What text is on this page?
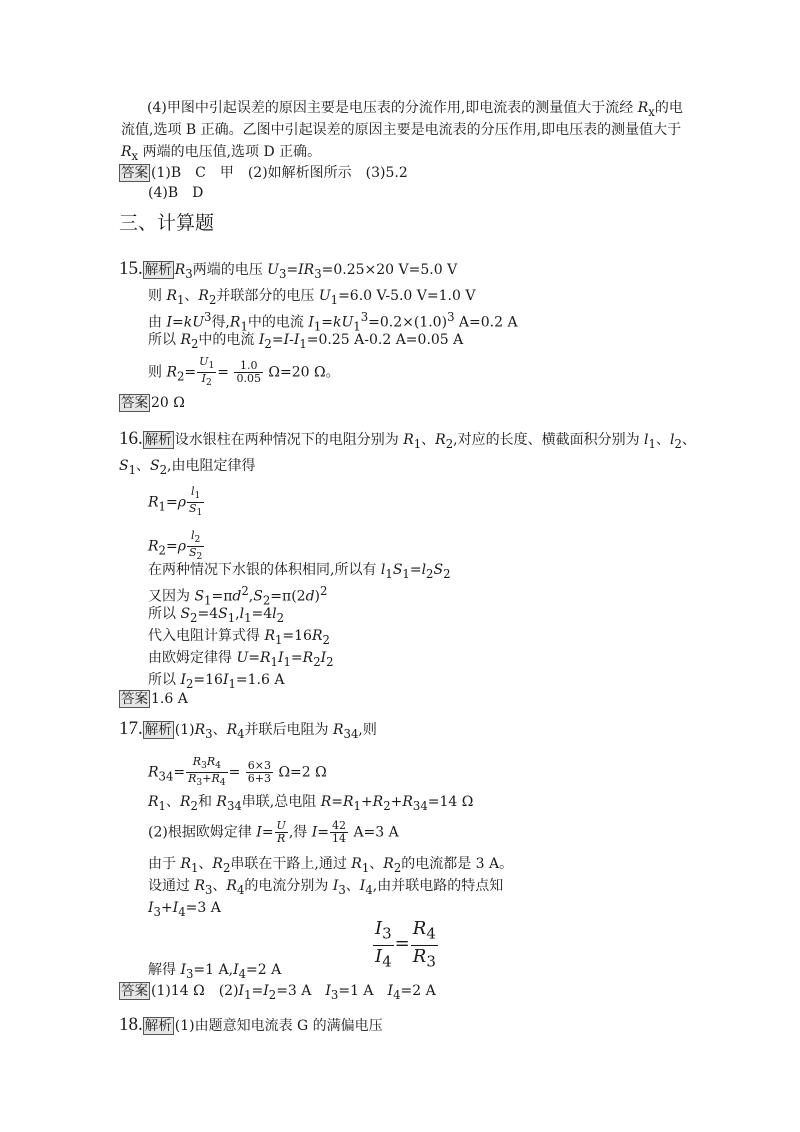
(4)甲图中引起误差的原因主要是电压表的分流作用,即电流表的测量值大于流经 $R_x$的电
流值,选项 B 正确。乙图中引起误差的原因主要是电流表的分压作用,即电压表的测量值大于
$R_x$ 两端的电压值,选项 D 正确。
答案 (1)B　C　甲　(2)如解析图所示　(3)5.2
(4)B　D
三、计算题
15. 解析 $R_3$两端的电压 $U_3=IR_3=0.25\times 20$ V=5.0 V
则 $R_1$、$R_2$并联部分的电压 $U_1=6.0$ V-5.0 V=1.0 V
由 $I=kU^3$得$,R_1$中的电流 $I_1=kU_1^3=0.2\times(1.0)^3$ A=0.2 A
所以 $R_2$中的电流 $I_2=I-I_1=0.25$ A-0.2 A=0.05 A
则 $R_2= \frac{U_1}{I_2} = \frac{1.0}{0.05} \Omega=20$ Ω。
答案 20 Ω
16. 解析 设水银柱在两种情况下的电阻分别为 $R_1$、$R_2$,对应的长度、横截面积分别为 $l_1$、$l_2$、
$S_1$、$S_2$,由电阻定律得
$R_1=\rho \frac{l_1}{S_1}$
$R_2=\rho \frac{l_2}{S_2}$
在两种情况下水银的体积相同,所以有 $l_1S_1=l_2S_2$
又因为 $S_1=\pi d^2,S_2=\pi(2d)^2$
所以 $S_2=4S_1,l_1=4l_2$
代入电阻计算式得 $R_1=16R_2$
由欧姆定律得 $U=R_1I_1=R_2I_2$
所以 $I_2=16I_1=1.6$ A
答案 1.6 A
17. 解析 $(1)R_3$、$R_4$并联后电阻为 $R_{34}$,则
$R_{34}= \frac{R_3R_4}{R_3+R_4} = \frac{6\times 3}{6+3} \Omega=2$ Ω
$R_1$、$R_2$和 $R_{34}$串联,总电阻 $R=R_1+R_2+R_{34}=14$ Ω
(2)根据欧姆定律 $I= \frac{U}{R}$ ,得 $I= \frac{42}{14} A=3$ A
由于 $R_1$、$R_2$串联在干路上,通过 $R_1$、$R_2$的电流都是 3 A。
设通过 $R_3$、$R_4$的电流分别为 $I_3$、$I_4$,由并联电路的特点知
$I_3+I_4=3$ A
$\frac{I_3}{I_4} = \frac{R_4}{R_3}$
解得 $I_3=1$ $A,I_4=2$ A
答案 (1)14 Ω　$(2)I_1=I_2=3$ A　$I_3=1$ A　$I_4=2$ A
18. 解析 (1)由题意知电流表 G 的满偏电压
